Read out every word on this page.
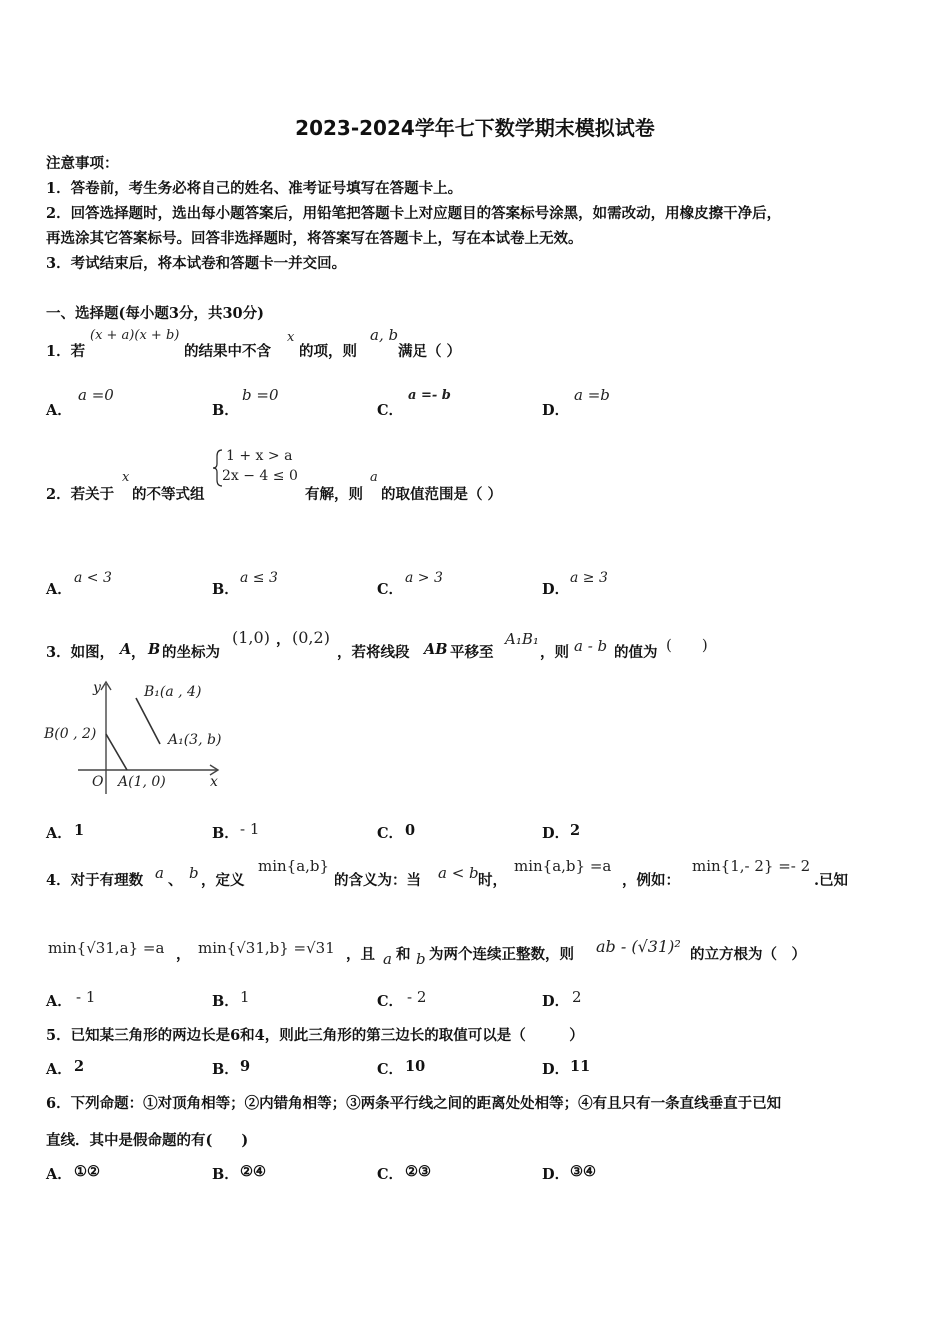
2023-2024学年七下数学期末模拟试卷
注意事项：
1．答卷前，考生务必将自己的姓名、准考证号填写在答题卡上。
2．回答选择题时，选出每小题答案后，用铅笔把答题卡上对应题目的答案标号涂黑，如需改动，用橡皮擦干净后，
再选涂其它答案标号。回答非选择题时，将答案写在答题卡上，写在本试卷上无效。
3．考试结束后，将本试卷和答题卡一并交回。
一、选择题(每小题3分，共30分)
1．若
(x + a)(x + b)
的结果中不含
x
的项，则
a, b
满足（ ）
A．
a =0
B．
b =0
C．
a =- b
D．
a =b
2．若关于
x
的不等式组
1 + x > a
2x − 4 ≤ 0
有解，则
a
的取值范围是（ ）
A．
a < 3
B．
a ≤ 3
C．
a > 3
D．
a ≥ 3
3．如图， A ， B 的坐标为
(1,0) ， (0,2)
，若将线段 AB 平移至
A₁B₁
，则 a - b 的值为 (　　)
y
x
O
B₁(a , 4)
A₁(3, b)
B(0 , 2)
A(1, 0)
A． 1	B． - 1	C． 0	D． 2
4．对于有理数 a 、 b ，定义
min{a,b}
的含义为：当 a < b 时，
min{a,b} =a
，例如：
min{1,- 2} =- 2
.已知
min{√31,a} =a ， min{√31,b} =√31 ，且 a 和 b 为两个连续正整数，则 ab - (√31)² 的立方根为（　）
A． - 1	B． 1	C． - 2	D． 2
5．已知某三角形的两边长是6和4，则此三角形的第三边长的取值可以是（　　　）
A． 2	B． 9	C． 10	D． 11
6．下列命题：①对顶角相等；②内错角相等；③两条平行线之间的距离处处相等；④有且只有一条直线垂直于已知
直线．其中是假命题的有(　　)
A． ①②	B． ②④	C． ②③	D． ③④
